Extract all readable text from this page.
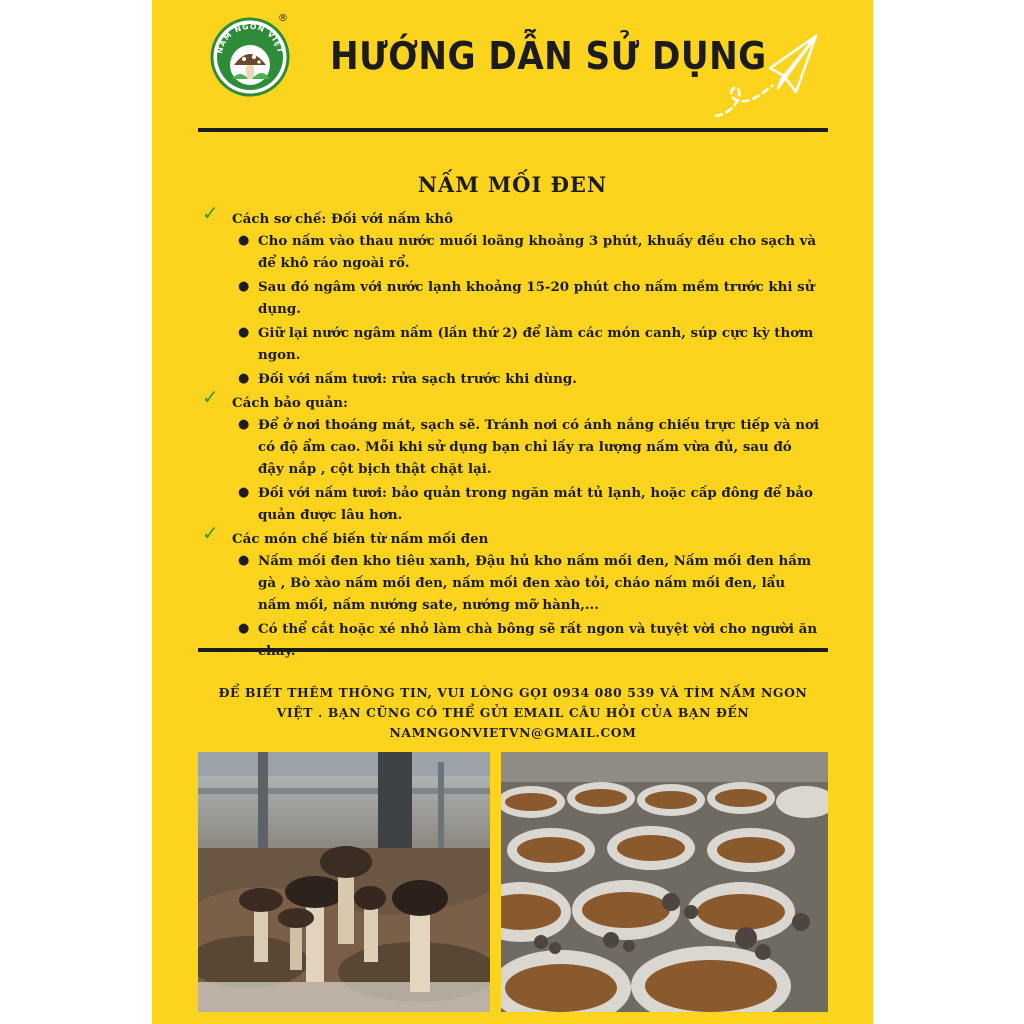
NẤM NGON VIỆT
®
HƯỚNG DẪN SỬ DỤNG
NẤM MỐI ĐEN
✓ Cách sơ chế: Đối với nấm khô
● Cho nấm vào thau nước muối loãng khoảng 3 phút, khuấy đều cho sạch và để khô ráo ngoài rổ.
● Sau đó ngâm với nước lạnh khoảng 15-20 phút cho nấm mềm trước khi sử dụng.
● Giữ lại nước ngâm nấm (lần thứ 2) để làm các món canh, súp cực kỳ thơm ngon.
● Đối với nấm tươi: rửa sạch trước khi dùng.
✓ Cách bảo quản:
● Để ở nơi thoáng mát, sạch sẽ. Tránh nơi có ánh nắng chiếu trực tiếp và nơi có độ ẩm cao. Mỗi khi sử dụng bạn chỉ lấy ra lượng nấm vừa đủ, sau đó đậy nắp , cột bịch thật chặt lại.
● Đối với nấm tươi: bảo quản trong ngăn mát tủ lạnh, hoặc cấp đông để bảo quản được lâu hơn.
✓ Các món chế biến từ nấm mối đen
● Nấm mối đen kho tiêu xanh, Đậu hủ kho nấm mối đen, Nấm mối đen hầm gà , Bò xào nấm mối đen, nấm mối đen xào tỏi, cháo nấm mối đen, lẩu nấm mối, nấm nướng sate, nướng mỡ hành,...
● Có thể cắt hoặc xé nhỏ làm chà bông sẽ rất ngon và tuyệt vời cho người ăn
ĐỂ BIẾT THÊM THÔNG TIN, VUI LÒNG GỌI 0934 080 539 VÀ TÌM NẤM NGON
VIỆT . BẠN CŨNG CÓ THỂ GỬI EMAIL CÂU HỎI CỦA BẠN ĐẾN
NAMNGONVIETVN@GMAIL.COM
